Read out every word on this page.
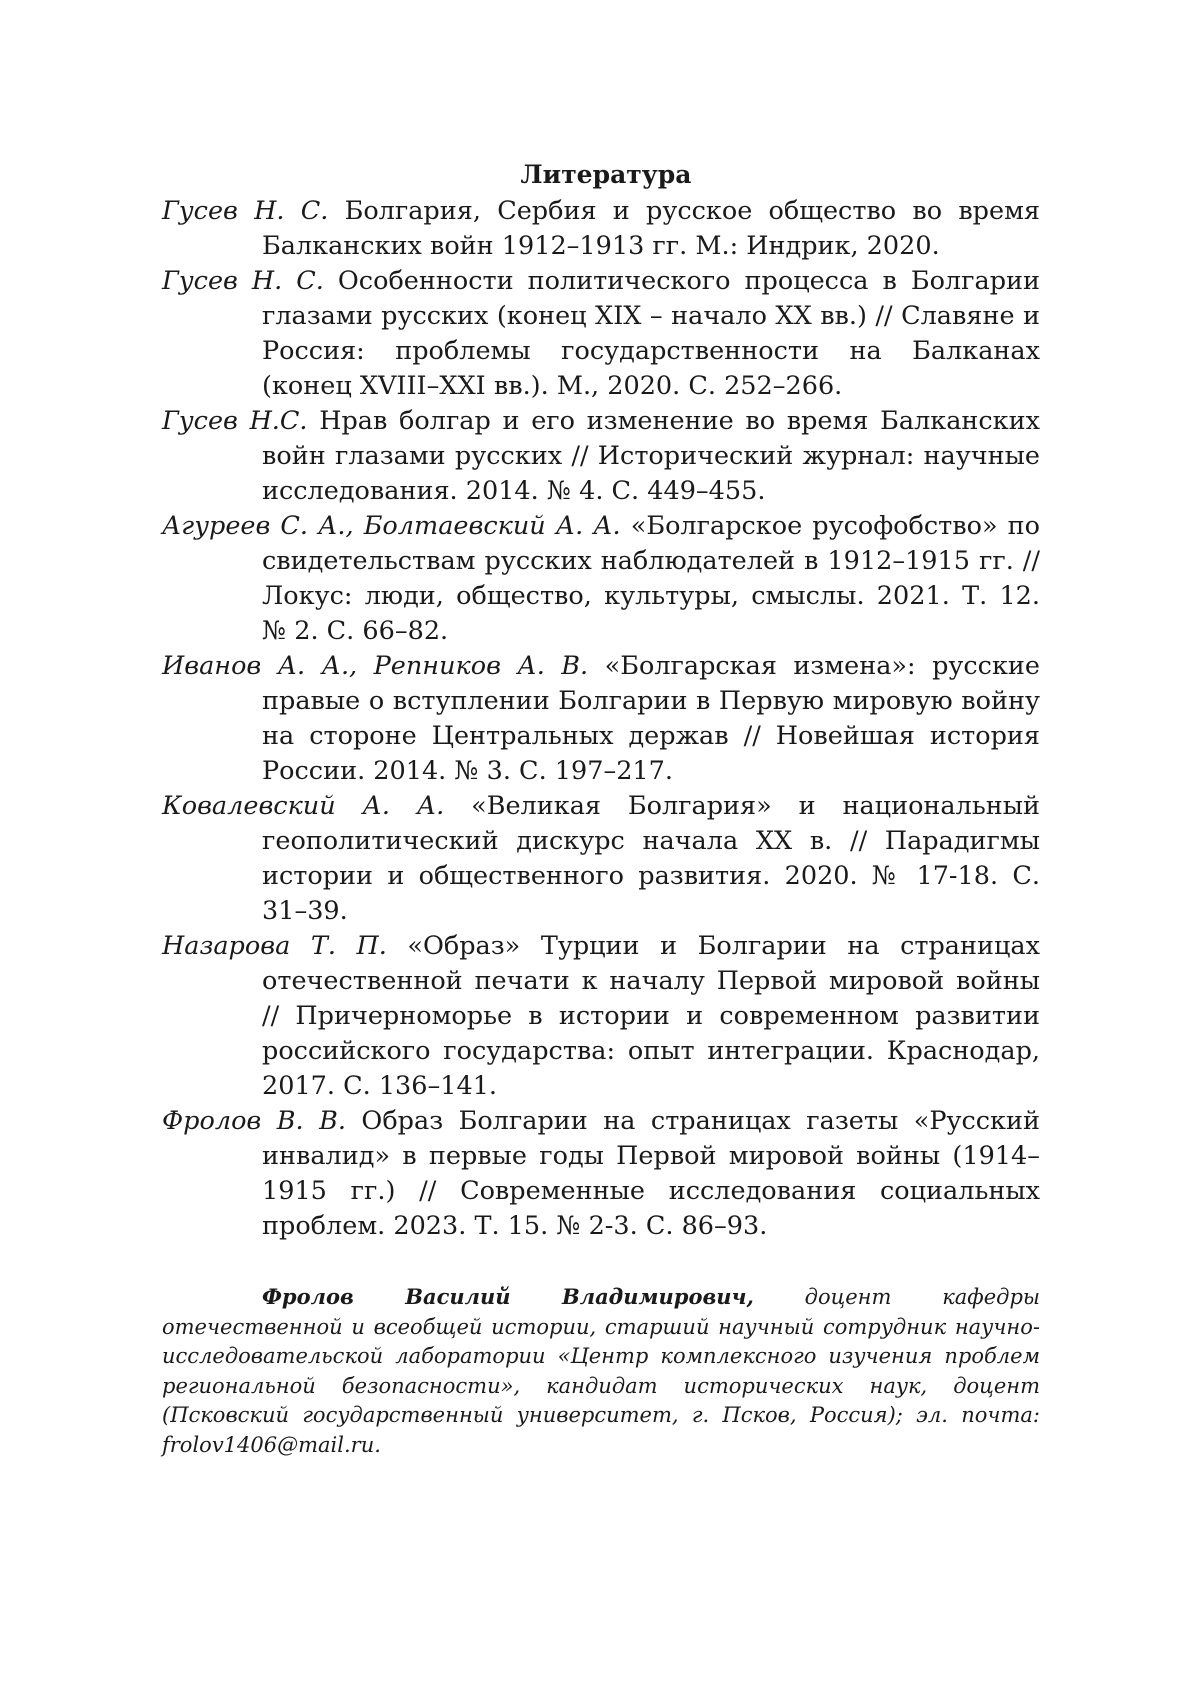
Литература
Гусев Н. С. Болгария, Сербия и русское общество во время Балканских войн 1912–1913 гг. М.: Индрик, 2020.
Гусев Н. С. Особенности политического процесса в Болгарии глазами русских (конец XIX – начало XX вв.) // Славяне и Россия: проблемы государственности на Балканах (конец XVIII–XXI вв.). М., 2020. С. 252–266.
Гусев Н.С. Нрав болгар и его изменение во время Балканских войн глазами русских // Исторический журнал: научные исследования. 2014. № 4. С. 449–455.
Агуреев С. А., Болтаевский А. А. «Болгарское русофобство» по свидетельствам русских наблюдателей в 1912–1915 гг. // Локус: люди, общество, культуры, смыслы. 2021. Т. 12. № 2. С. 66–82.
Иванов А. А., Репников А. В. «Болгарская измена»: русские правые о вступлении Болгарии в Первую мировую войну на стороне Центральных держав // Новейшая история России. 2014. № 3. С. 197–217.
Ковалевский А. А. «Великая Болгария» и национальный геополитический дискурс начала XX в. // Парадигмы истории и общественного развития. 2020. № 17-18. С. 31–39.
Назарова Т. П. «Образ» Турции и Болгарии на страницах отечественной печати к началу Первой мировой войны // Причерноморье в истории и современном развитии российского государства: опыт интеграции. Краснодар, 2017. С. 136–141.
Фролов В. В. Образ Болгарии на страницах газеты «Русский инвалид» в первые годы Первой мировой войны (1914–1915 гг.) // Современные исследования социальных проблем. 2023. Т. 15. № 2-3. С. 86–93.

Фролов Василий Владимирович, доцент кафедры отечественной и всеобщей истории, старший научный сотрудник научно-исследовательской лаборатории «Центр комплексного изучения проблем региональной безопасности», кандидат исторических наук, доцент (Псковский государственный университет, г. Псков, Россия); эл. почта: frolov1406@mail.ru.
